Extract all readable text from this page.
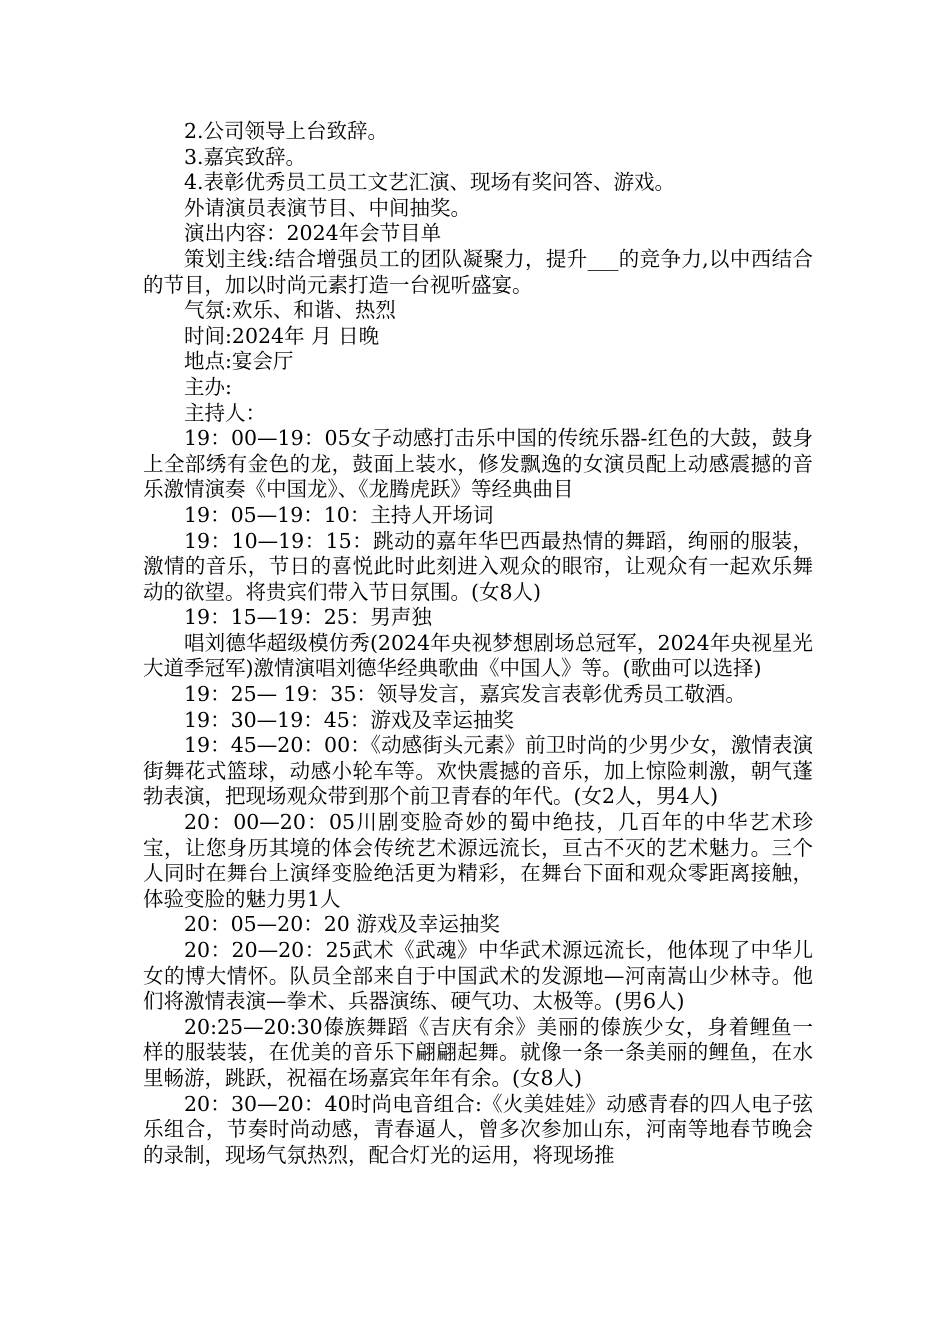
2.公司领导上台致辞。

3.嘉宾致辞。

4.表彰优秀员工员工文艺汇演、现场有奖问答、游戏。

外请演员表演节目、中间抽奖。

演出内容：2024年会节目单

策划主线:结合增强员工的团队凝聚力，提升___的竞争力,以中西结合的节目，加以时尚元素打造一台视听盛宴。

气氛:欢乐、和谐、热烈

时间:2024年 月 日晚

地点:宴会厅

主办:

主持人：

19：00—19：05女子动感打击乐中国的传统乐器-红色的大鼓，鼓身上全部绣有金色的龙，鼓面上装水，修发飘逸的女演员配上动感震撼的音乐激情演奏《中国龙》、《龙腾虎跃》等经典曲目

19：05—19：10：主持人开场词

19：10—19：15：跳动的嘉年华巴西最热情的舞蹈，绚丽的服装，激情的音乐，节日的喜悦此时此刻进入观众的眼帘，让观众有一起欢乐舞动的欲望。将贵宾们带入节日氛围。(女8人)

19：15—19：25：男声独

唱刘德华超级模仿秀(2024年央视梦想剧场总冠军，2024年央视星光大道季冠军)激情演唱刘德华经典歌曲《中国人》等。(歌曲可以选择)

19：25— 19：35：领导发言，嘉宾发言表彰优秀员工敬酒。

19：30—19：45：游戏及幸运抽奖

19：45—20：00：《动感街头元素》前卫时尚的少男少女，激情表演街舞花式篮球，动感小轮车等。欢快震撼的音乐，加上惊险刺激，朝气蓬勃表演，把现场观众带到那个前卫青春的年代。(女2人，男4人)

20：00—20：05川剧变脸奇妙的蜀中绝技，几百年的中华艺术珍宝，让您身历其境的体会传统艺术源远流长，亘古不灭的艺术魅力。三个人同时在舞台上演绎变脸绝活更为精彩，在舞台下面和观众零距离接触，体验变脸的魅力男1人

20：05—20：20 游戏及幸运抽奖

20：20—20：25武术《武魂》中华武术源远流长，他体现了中华儿女的博大情怀。队员全部来自于中国武术的发源地—河南嵩山少林寺。他们将激情表演—拳术、兵器演练、硬气功、太极等。(男6人)

20:25—20:30傣族舞蹈《吉庆有余》美丽的傣族少女，身着鲤鱼一样的服装装，在优美的音乐下翩翩起舞。就像一条一条美丽的鲤鱼，在水里畅游，跳跃，祝福在场嘉宾年年有余。(女8人)

20：30—20：40时尚电音组合:《火美娃娃》动感青春的四人电子弦乐组合，节奏时尚动感，青春逼人，曾多次参加山东，河南等地春节晚会的录制，现场气氛热烈，配合灯光的运用，将现场推
